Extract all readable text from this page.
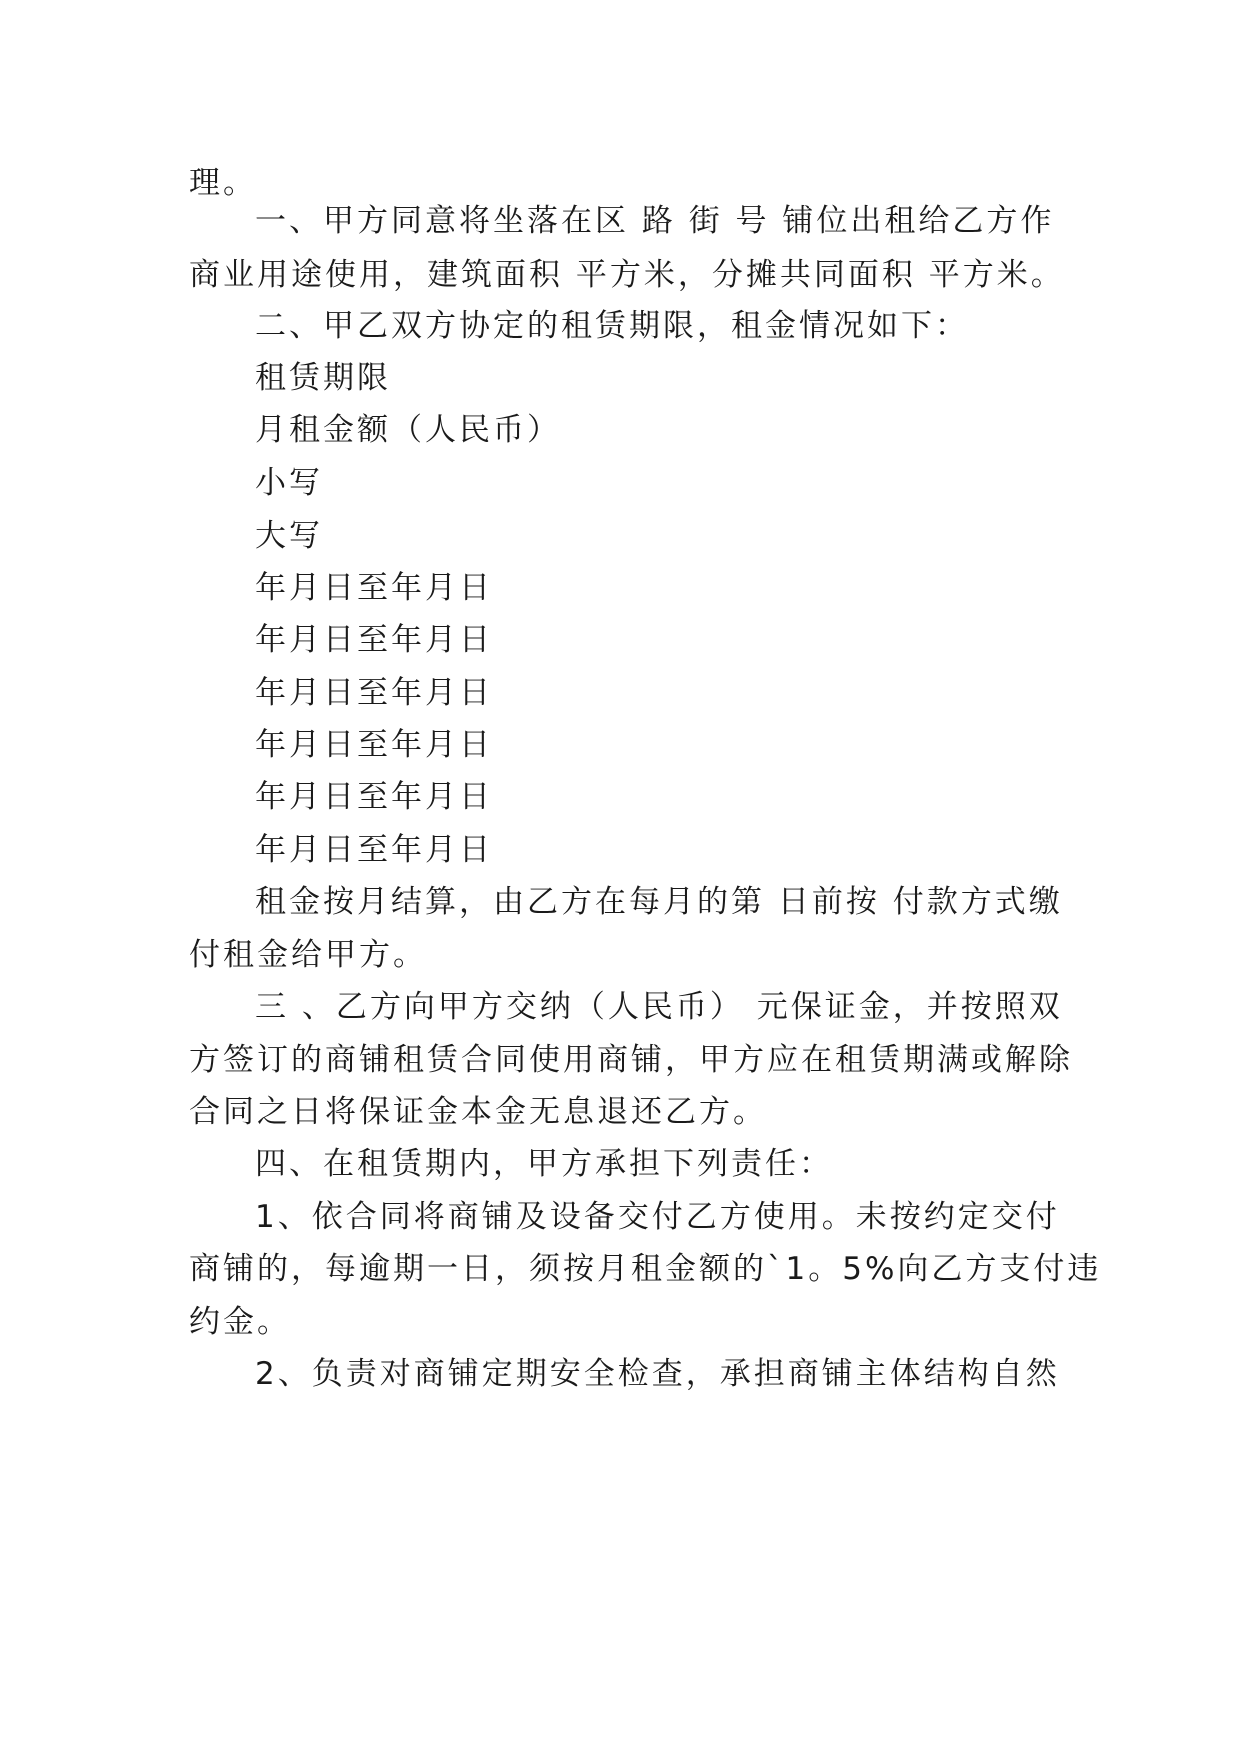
理。
一、甲方同意将坐落在区 路 街 号 铺位出租给乙方作
商业用途使用，建筑面积 平方米，分摊共同面积 平方米。
二、甲乙双方协定的租赁期限，租金情况如下：
租赁期限
月租金额（人民币）
小写
大写
年月日至年月日
年月日至年月日
年月日至年月日
年月日至年月日
年月日至年月日
年月日至年月日
租金按月结算，由乙方在每月的第 日前按 付款方式缴
付租金给甲方。
三 、乙方向甲方交纳（人民币） 元保证金，并按照双
方签订的商铺租赁合同使用商铺，甲方应在租赁期满或解除
合同之日将保证金本金无息退还乙方。
四、在租赁期内，甲方承担下列责任：
1、依合同将商铺及设备交付乙方使用。未按约定交付
商铺的，每逾期一日，须按月租金额的`1。5%向乙方支付违
约金。
2、负责对商铺定期安全检查，承担商铺主体结构自然
